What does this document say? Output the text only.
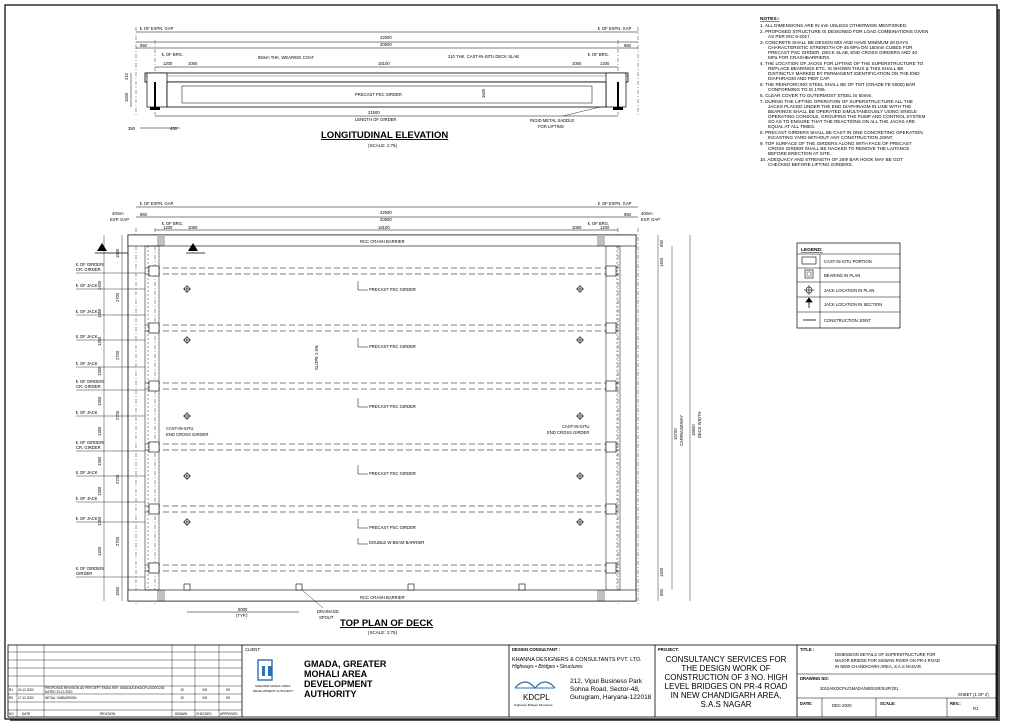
℄ OF EXPN. GAP	℄ OF EXPN. GAP
22500
20500
950	950
℄ OF BRG.	℄ OF BRG.
65mm THK. WEARING COAT	210 THK. CAST-IN-SITU DECK SLAB
1200	1050	18100	1050	1200
PRECAST PSC GIRDER	1600
210
1600
21500
LENGTH OF GIRDER
350	400
RIGID METAL SADDLE
FOR LIFTING
LONGITUDINAL ELEVATION
(SCALE: 1:75)
℄ OF EXPN. GAP	℄ OF EXPN. GAP
22500
20500
40mm
EXP. GAP
40mm
EXP. GAP
950	950
℄ OF BRG.	℄ OF BRG.
1200	1050	18100	1050	1200
RCC CRASH BARRIER
RCC CRASH BARRIER
PRECAST PSC GIRDER
PRECAST PSC GIRDER
PRECAST PSC GIRDER
PRECAST PSC GIRDER
PRECAST PSC GIRDER
DOUBLE W-BEAM BARRIER
SLOPE 2.5%
CAST-IN-SITU
END CROSS GIRDER
CAST-IN-SITU
END CROSS GIRDER
A	A
1550
2700
2700
2700
2700
2700
1550
1400
1350
1350
1350
1350
1350
1350
1350
1350
1400
℄ OF GIRDER/
CR. GIRDER
℄ OF JACK
℄ OF JACK
℄ OF JACK
℄ OF JACK
℄ OF GIRDER/
CR. GIRDER
℄ OF JACK
℄ OF GIRDER/
CR. GIRDER
℄ OF JACK
℄ OF JACK
℄ OF JACK
℄ OF GIRDER/
GIRDER
5000
(TYP.)
DRAINAGE
SPOUT
550
1400
550
1400
15700 CARRIAGEWAY 18600 DECK WIDTH
TOP PLAN OF DECK
(SCALE: 1:75)
NOTES:-
1. ALL DIMENSIONS ARE IN mm UNLESS OTHERWISE MENTIONED.
2. PROPOSED STRUCTURE IS DESIGNED FOR LOAD COMBINATIONS GIVEN
AS PER IRC 6-2017.
3. CONCRETE SHALL BE DESIGN MIX AND HAVE MINIMUM 28 DAYS
CHARACTERISTIC STRENGTH OF 45 MPa ON 150mm CUBES FOR
PRECAST PSC GIRDER, DECK SLAB, END CROSS GIRDERS AND 40
MPa FOR CRASHBARRIERS.
4. THE LOCATION OF JACKS FOR LIFTING OF THE SUPERSTRUCTURE TO
REPLACE BEARINGS ETC. IS SHOWN THUS & THIS SHALL BE
DISTINCTLY MARKED BY PERMANENT IDENTIFICATION ON THE END
DIAPHRAGM AND PIER CAP.
5. THE REINFORCING STEEL SHALL BE OF TMT (GRADE FE 500D) BAR
CONFORMING TO IS 1786.
6. CLEAR COVER TO OUTERMOST STEEL IS 50mm.
7. DURING THE LIFTING OPERATION OF SUPERSTRUCTURE ALL THE
JACKS PLACED UNDER THE END DIAPHRAGM IN LINE WITH THE
BEARINGS SHALL BE OPERATED SIMULTANEOUSLY USING SINGLE
OPERATING CONSOLE, GROUPING THE PUMP AND CONTROL SYSTEM
SO AS TO ENSURE THAT THE REACTIONS ON ALL THE JACKS ARE
EQUAL AT ALL TIMES.
8. PRECAST GIRDERS SHALL BE CAST IN ONE CONCRETING OPERATION
INCASTING YARD WITHOUT ANY CONSTRUCTION JOINT.
9. TOP SURFACE OF THE GIRDERS ALONG WITH FACE OF PRECAST
CROSS GIRDER SHALL BE HACKED TO REMOVE THE LAITANCE
BEFORE ERECTION AT SITE.
10. ADEQUACY AND STRENGTH OF 25Φ BAR HOOK MAY BE GOT
CHECKED BEFORE LIFTING GIRDERS.
LEGEND:
CAST-IN-SITU PORTION
BEARING IN PLAN
JACK LOCATION IN PLAN
JACK LOCATION IN SECTION
CONSTRUCTION JOINT
R1 24.12.2020	PROPOSED REVISION AS PER DEPT EMAIL REF. GMADA/CE/KDCPL/2020/1234
DATED 23.12.2020	JS	VW	SK
R0 17.12.2020	INITIAL SUBMISSION	JS	VW	SK
NO	DATE	REVISION	DRAWN	CHECKED	APPROVED
CLIENT:
GREATER MOHALI AREA
DEVELOPMENT AUTHORITY
GMADA, GREATER
MOHALI AREA
DEVELOPMENT
AUTHORITY
DESIGN CONSULTANT :
KHANNA DESIGNERS & CONSULTANTS PVT. LTD.
Highways • Bridges • Structures
KDCPL
Highways Bridges Structures
212, Vipul Business Park
Sohna Road, Sector-48,
Gurugram, Haryana-122018
PROJECT:
CONSULTANCY SERVICES FOR
THE DESIGN WORK OF
CONSTRUCTION OF 3 NO. HIGH
LEVEL BRIDGES ON PR-4 ROAD
IN NEW CHANDIGARH AREA,
S.A.S NAGAR
TITLE :
DIMENSION DETAILS OF SUPERSTRUCTURE FOR
MAJOR BRIDGE FOR SISWAN RIVER ON PR-4 ROAD
IN NEW CHANDIGARH AREA, S.A.S NAGAR.
DRAWING NO:
2010A/KDCPL/GMADA/NB/SSR/SUP/201
SHEET (1 OF 2)
DATE:	DEC-2020	SCALE:	REV.:
R1
